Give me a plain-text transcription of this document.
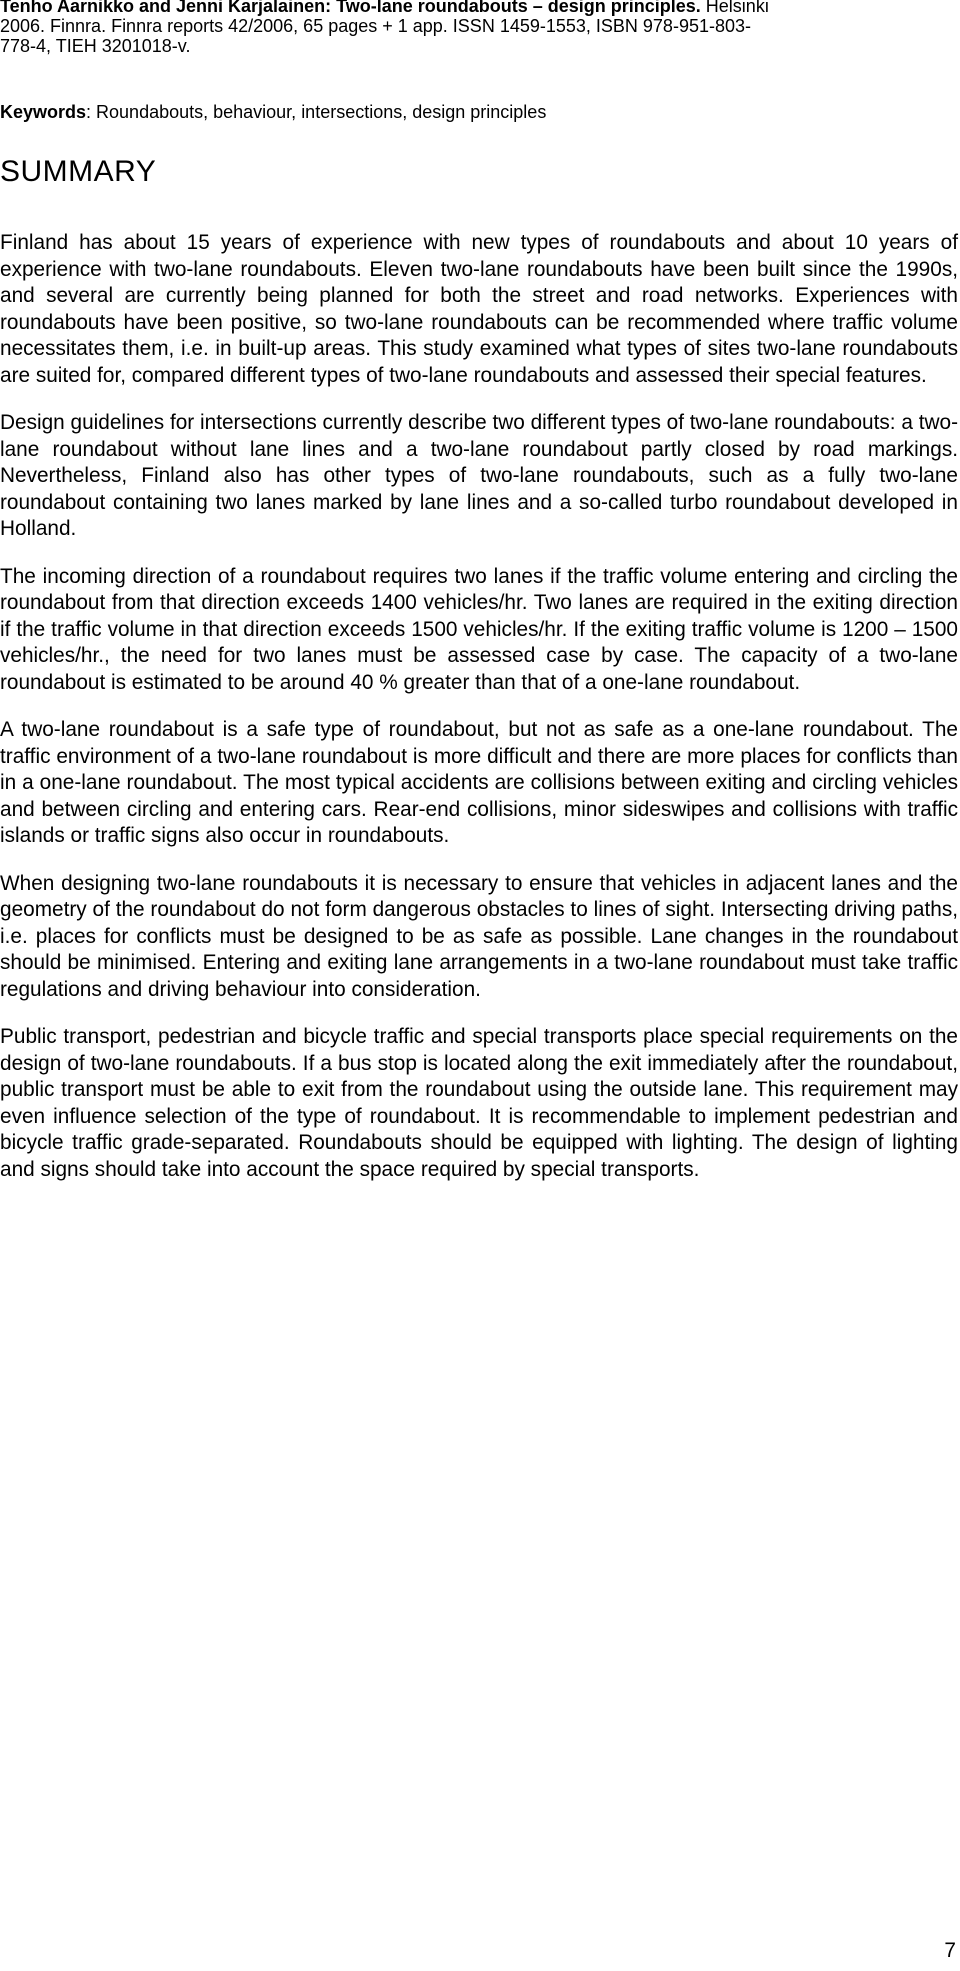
Tenho Aarnikko and Jenni Karjalainen: Two-lane roundabouts – design principles. Helsinki 2006. Finnra. Finnra reports 42/2006, 65 pages + 1 app. ISSN 1459-1553, ISBN 978-951-803-778-4, TIEH 3201018-v.

Keywords: Roundabouts, behaviour, intersections, design principles

SUMMARY

Finland has about 15 years of experience with new types of roundabouts and about 10 years of experience with two-lane roundabouts. Eleven two-lane roundabouts have been built since the 1990s, and several are currently being planned for both the street and road networks. Experiences with roundabouts have been positive, so two-lane roundabouts can be recommended where traffic volume necessitates them, i.e. in built-up areas. This study examined what types of sites two-lane roundabouts are suited for, compared different types of two-lane roundabouts and assessed their special features.

Design guidelines for intersections currently describe two different types of two-lane roundabouts: a two-lane roundabout without lane lines and a two-lane roundabout partly closed by road markings. Nevertheless, Finland also has other types of two-lane roundabouts, such as a fully two-lane roundabout containing two lanes marked by lane lines and a so-called turbo roundabout developed in Holland.

The incoming direction of a roundabout requires two lanes if the traffic volume entering and circling the roundabout from that direction exceeds 1400 vehicles/hr. Two lanes are required in the exiting direction if the traffic volume in that direction exceeds 1500 vehicles/hr. If the exiting traffic volume is 1200 – 1500 vehicles/hr., the need for two lanes must be assessed case by case. The capacity of a two-lane roundabout is estimated to be around 40 % greater than that of a one-lane roundabout.

A two-lane roundabout is a safe type of roundabout, but not as safe as a one-lane roundabout. The traffic environment of a two-lane roundabout is more difficult and there are more places for conflicts than in a one-lane roundabout. The most typical accidents are collisions between exiting and circling vehicles and between circling and entering cars. Rear-end collisions, minor sideswipes and collisions with traffic islands or traffic signs also occur in roundabouts.

When designing two-lane roundabouts it is necessary to ensure that vehicles in adjacent lanes and the geometry of the roundabout do not form dangerous obstacles to lines of sight. Intersecting driving paths, i.e. places for conflicts must be designed to be as safe as possible. Lane changes in the roundabout should be minimised. Entering and exiting lane arrangements in a two-lane roundabout must take traffic regulations and driving behaviour into consideration.

Public transport, pedestrian and bicycle traffic and special transports place special requirements on the design of two-lane roundabouts. If a bus stop is located along the exit immediately after the roundabout, public transport must be able to exit from the roundabout using the outside lane. This requirement may even influence selection of the type of roundabout. It is recommendable to implement pedestrian and bicycle traffic grade-separated. Roundabouts should be equipped with lighting. The design of lighting and signs should take into account the space required by special transports.

7
